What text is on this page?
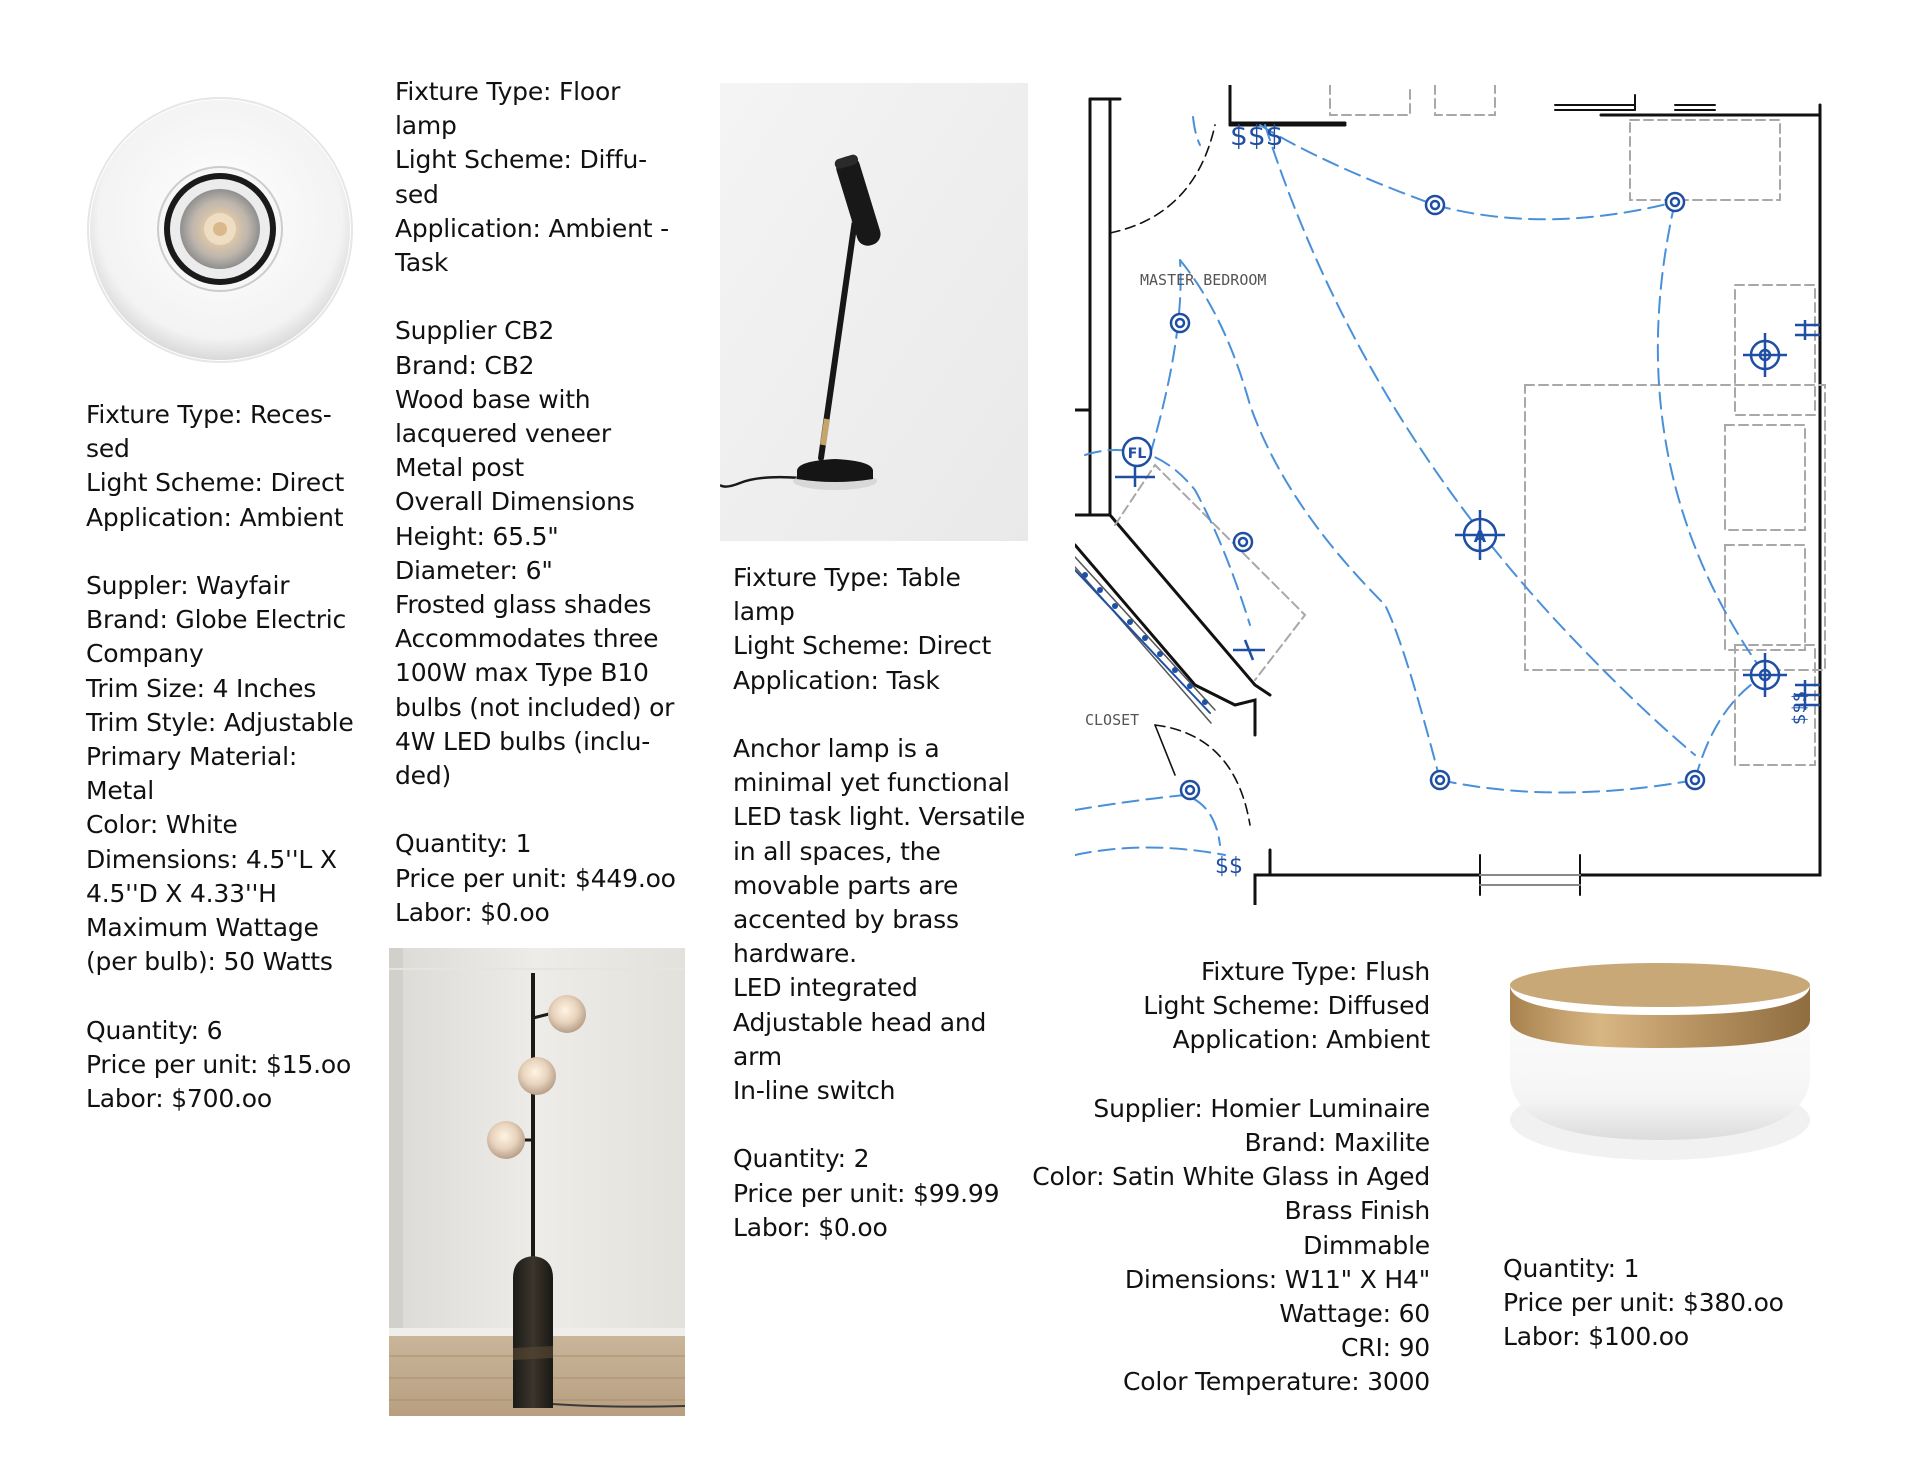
Fixture Type: Reces-
sed
Light Scheme: Direct
Application: Ambient
Suppler: Wayfair
Brand: Globe Electric
Company
Trim Size: 4 Inches
Trim Style: Adjustable
Primary Material:
Metal
Color: White
Dimensions: 4.5''L X
4.5''D X 4.33''H
Maximum Wattage
(per bulb): 50 Watts
Quantity: 6
Price per unit: $15.oo
Labor: $700.oo
Fixture Type: Floor
lamp
Light Scheme: Diffu-
sed
Application: Ambient -
Task
Supplier CB2
Brand: CB2
Wood base with
lacquered veneer
Metal post
Overall Dimensions
Height: 65.5"
Diameter: 6"
Frosted glass shades
Accommodates three
100W max Type B10
bulbs (not included) or
4W LED bulbs (inclu-
ded)
Quantity: 1
Price per unit: $449.oo
Labor: $0.oo
Fixture Type: Table
lamp
Light Scheme: Direct
Application: Task
Anchor lamp is a
minimal yet functional
LED task light. Versatile
in all spaces, the
movable parts are
accented by brass
hardware.
LED integrated
Adjustable head and
arm
In-line switch
Quantity: 2
Price per unit: $99.99
Labor: $0.oo
FL
A
$$$
$$
$$$
MASTER BEDROOM
CLOSET
Fixture Type: Flush
Light Scheme: Diffused
Application: Ambient
Supplier: Homier Luminaire
Brand: Maxilite
Color: Satin White Glass in Aged
Brass Finish
Dimmable
Dimensions: W11" X H4"
Wattage: 60
CRI: 90
Color Temperature: 3000
Quantity: 1
Price per unit: $380.oo
Labor: $100.oo
